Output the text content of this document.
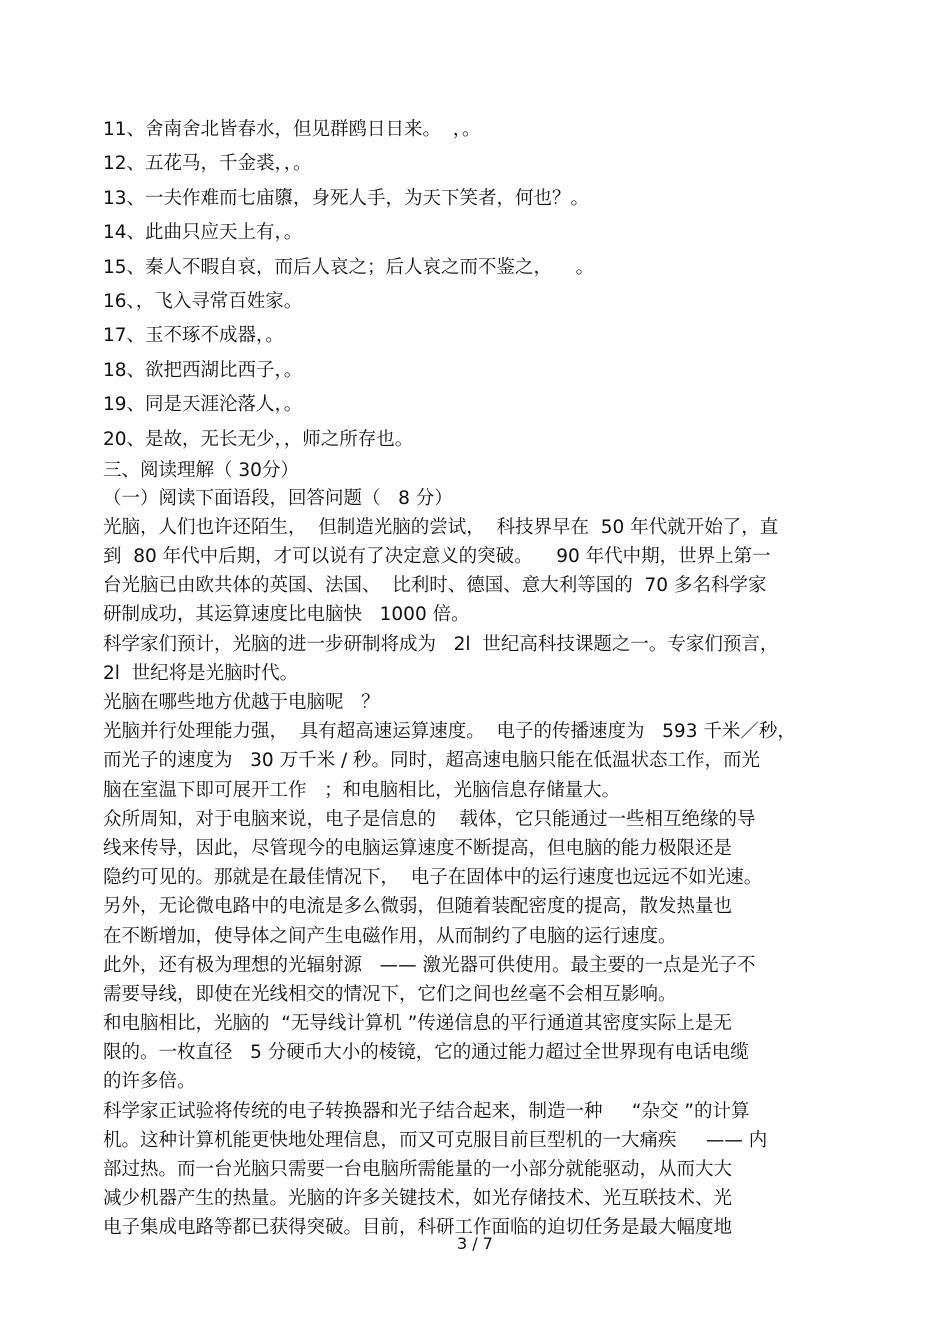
11、舍南舍北皆春水，但见群鸥日日来。  ，。
12、五花马，千金裘，，。
13、一夫作难而七庙隳，身死人手，为天下笑者，何也？。
14、此曲只应天上有，。
15、秦人不暇自哀，而后人哀之；后人哀之而不鉴之，    。
16、，飞入寻常百姓家。
17、玉不琢不成器，。
18、欲把西湖比西子，。
19、同是天涯沦落人，。
20、是故，无长无少，，师之所存也。
三、阅读理解（ 30分）
（一）阅读下面语段，回答问题（   8 分）
光脑，人们也许还陌生，  但制造光脑的尝试，  科技界早在  50 年代就开始了，直
到  80 年代中后期，才可以说有了决定意义的突破。    90 年代中期，世界上第一
台光脑已由欧共体的英国、法国、  比利时、德国、意大利等国的  70 多名科学家
研制成功，其运算速度比电脑快   1000 倍。
科学家们预计，光脑的进一步研制将成为   2l  世纪高科技课题之一。专家们预言，
2l  世纪将是光脑时代。
光脑在哪些地方优越于电脑呢   ？
光脑并行处理能力强，  具有超高速运算速度。  电子的传播速度为   593 千米／秒，
而光子的速度为   30 万千米 / 秒。同时，超高速电脑只能在低温状态工作，而光
脑在室温下即可展开工作   ；和电脑相比，光脑信息存储量大。
众所周知，对于电脑来说，电子是信息的    载体，它只能通过一些相互绝缘的导
线来传导，因此，尽管现今的电脑运算速度不断提高，但电脑的能力极限还是
隐约可见的。那就是在最佳情况下，  电子在固体中的运行速度也远远不如光速。
另外，无论微电路中的电流是多么微弱，但随着装配密度的提高，散发热量也
在不断增加，使导体之间产生电磁作用，从而制约了电脑的运行速度。
此外，还有极为理想的光辐射源   —— 激光器可供使用。最主要的一点是光子不
需要导线，即使在光线相交的情况下，它们之间也丝毫不会相互影响。
和电脑相比，光脑的  “无导线计算机 ”传递信息的平行通道其密度实际上是无
限的。一枚直径   5 分硬币大小的棱镜，它的通过能力超过全世界现有电话电缆
的许多倍。
科学家正试验将传统的电子转换器和光子结合起来，制造一种     “杂交 ”的计算
机。这种计算机能更快地处理信息，而又可克服目前巨型机的一大痛疾     —— 内
部过热。而一台光脑只需要一台电脑所需能量的一小部分就能驱动，从而大大
减少机器产生的热量。光脑的许多关键技术，如光存储技术、光互联技术、光
电子集成电路等都已获得突破。目前，科研工作面临的迫切任务是最大幅度地
3 / 7
